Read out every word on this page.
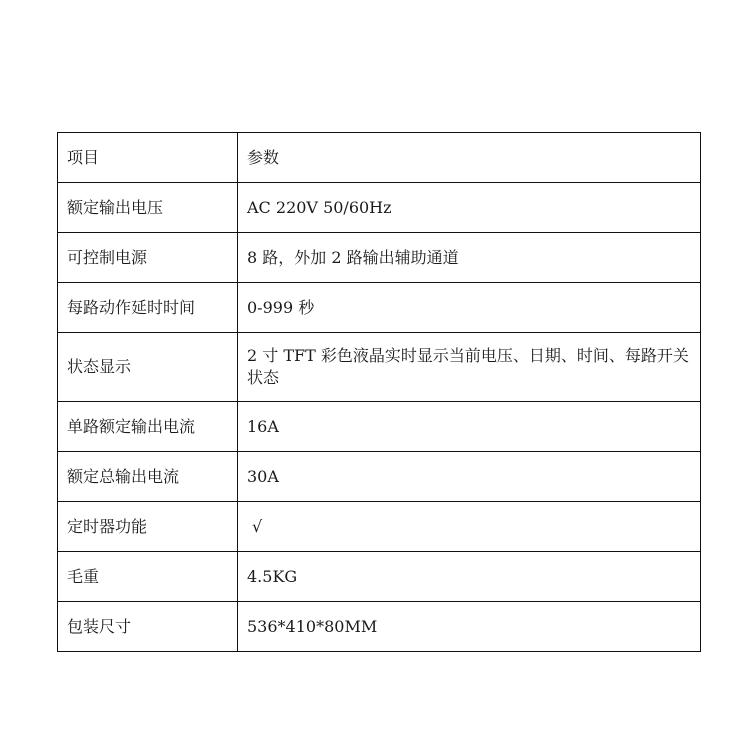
项目	参数
额定输出电压	AC 220V 50/60Hz
可控制电源	8 路，外加 2 路输出辅助通道
每路动作延时时间	0-999 秒
状态显示	2 寸 TFT 彩色液晶实时显示当前电压、日期、时间、每路开关状态
单路额定输出电流	16A
额定总输出电流	30A
定时器功能	√
毛重	4.5KG
包装尺寸	536*410*80MM
